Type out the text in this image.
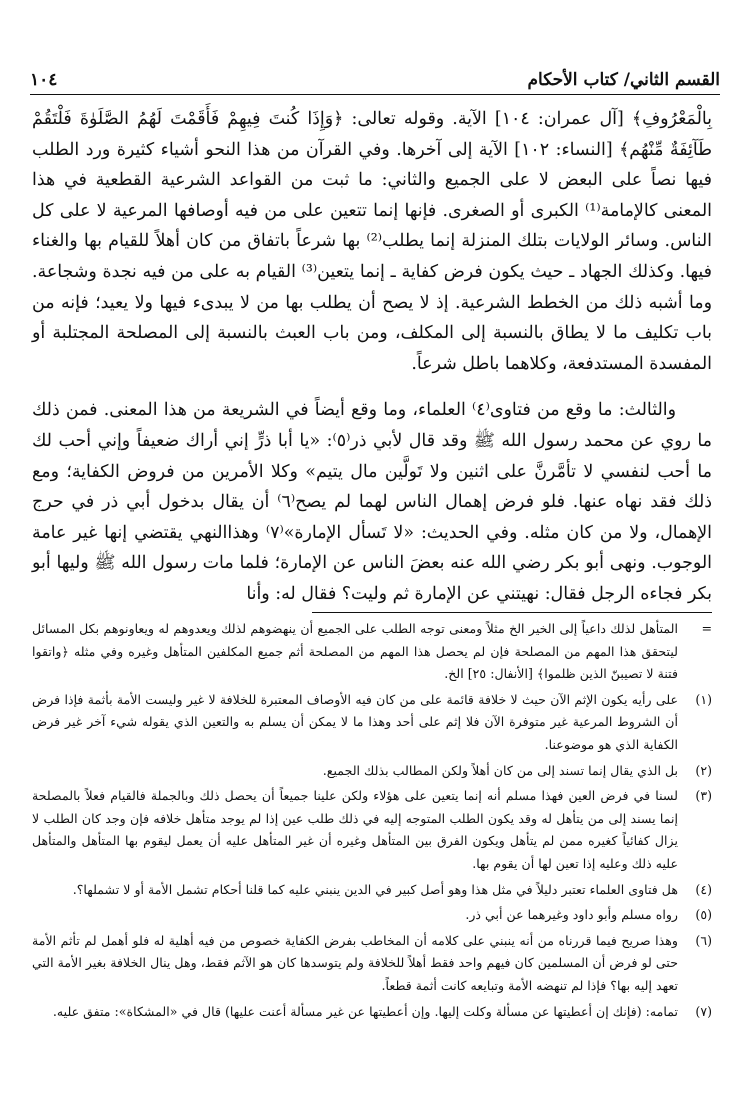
القسم الثاني/ كتاب الأحكام
١٠٤

بِالْمَعْرُوفِ﴾ [آل عمران: ١٠٤] الآية. وقوله تعالى: ﴿وَإِذَا كُنتَ فِيهِمْ فَأَقَمْتَ لَهُمُ الصَّلَوٰةَ فَلْتَقُمْ طَآئِفَةٌ مِّنْهُم﴾ [النساء: ١٠٢] الآية إلى آخرها. وفي القرآن من هذا النحو أشياء كثيرة ورد الطلب فيها نصاً على البعض لا على الجميع والثاني: ما ثبت من القواعد الشرعية القطعية في هذا المعنى كالإمامة⁽¹⁾ الكبرى أو الصغرى. فإنها إنما تتعين على من فيه أوصافها المرعية لا على كل الناس. وسائر الولايات بتلك المنزلة إنما يطلب⁽²⁾ بها شرعاً باتفاق من كان أهلاً للقيام بها والغناء فيها. وكذلك الجهاد ـ حيث يكون فرض كفاية ـ إنما يتعين⁽³⁾ القيام به على من فيه نجدة وشجاعة. وما أشبه ذلك من الخطط الشرعية. إذ لا يصح أن يطلب بها من لا يبدىء فيها ولا يعيد؛ فإنه من باب تكليف ما لا يطاق بالنسبة إلى المكلف، ومن باب العبث بالنسبة إلى المصلحة المجتلبة أو المفسدة المستدفعة، وكلاهما باطل شرعاً.

والثالث: ما وقع من فتاوى⁽٤⁾ العلماء، وما وقع أيضاً في الشريعة من هذا المعنى. فمن ذلك ما روي عن محمد رسول الله ﷺ وقد قال لأبي ذر⁽٥⁾: «يا أبا ذرٍّ إني أراك ضعيفاً وإني أحب لك ما أحب لنفسي لا تأمَّرنَّ على اثنين ولا تَولَّين مال يتيم» وكلا الأمرين من فروض الكفاية؛ ومع ذلك فقد نهاه عنها. فلو فرض إهمال الناس لهما لم يصح⁽٦⁾ أن يقال بدخول أبي ذر في حرج الإهمال، ولا من كان مثله. وفي الحديث: «لا تَسأل الإمارة»⁽٧⁾ وهذاالنهي يقتضي إنها غير عامة الوجوب. ونهى أبو بكر رضي الله عنه بعضَ الناس عن الإمارة؛ فلما مات رسول الله ﷺ وليها أبو بكر فجاءه الرجل فقال: نهيتني عن الإمارة ثم وليت؟ فقال له: وأنا

=
المتأهل لذلك داعياً إلى الخير الخ مثلاً ومعنى توجه الطلب على الجميع أن ينهضوهم لذلك ويعدوهم له ويعاونوهم بكل المسائل ليتحقق هذا المهم من المصلحة فإن لم يحصل هذا المهم من المصلحة أثم جميع المكلفين المتأهل وغيره وفي مثله ﴿واتقوا فتنة لا تصيبنّ الذين ظلموا﴾ [الأنفال: ٢٥] الخ.
(١)
على رأيه يكون الإثم الآن حيث لا خلافة قائمة على من كان فيه الأوصاف المعتبرة للخلافة لا غير وليست الأمة بأثمة فإذا فرض أن الشروط المرعية غير متوفرة الآن فلا إثم على أحد وهذا ما لا يمكن أن يسلم به والتعين الذي يقوله شيء آخر غير فرض الكفاية الذي هو موضوعنا.
(٢)
بل الذي يقال إنما تسند إلى من كان أهلاً ولكن المطالب بذلك الجميع.
(٣)
لسنا في فرض العين فهذا مسلم أنه إنما يتعين على هؤلاء ولكن علينا جميعاً أن يحصل ذلك وبالجملة فالقيام فعلاً بالمصلحة إنما يسند إلى من يتأهل له وقد يكون الطلب المتوجه إليه في ذلك طلب عين إذا لم يوجد متأهل خلافه فإن وجد كان الطلب لا يزال كفائياً كغيره ممن لم يتأهل ويكون الفرق بين المتأهل وغيره أن غير المتأهل عليه أن يعمل ليقوم بها المتأهل والمتأهل عليه ذلك وعليه إذا تعين لها أن يقوم بها.
(٤)
هل فتاوى العلماء تعتبر دليلاً في مثل هذا وهو أصل كبير في الدين ينبني عليه كما قلنا أحكام تشمل الأمة أو لا تشملها؟.
(٥)
رواه مسلم وأبو داود وغيرهما عن أبي ذر.
(٦)
وهذا صريح فيما قررناه من أنه ينبني على كلامه أن المخاطب بفرض الكفاية خصوص من فيه أهلية له فلو أهمل لم تأثم الأمة حتى لو فرض أن المسلمين كان فيهم واحد فقط أهلاً للخلافة ولم يتوسدها كان هو الآثم فقط، وهل ينال الخلافة بغير الأمة التي تعهد إليه بها؟ فإذا لم تنهضه الأمة وتبايعه كانت أثمة قطعاً.
(٧)
تمامه: (فإنك إن أعطيتها عن مسألة وكلت إليها. وإن أعطيتها عن غير مسألة أعنت عليها) قال في «المشكاة»: متفق عليه.
